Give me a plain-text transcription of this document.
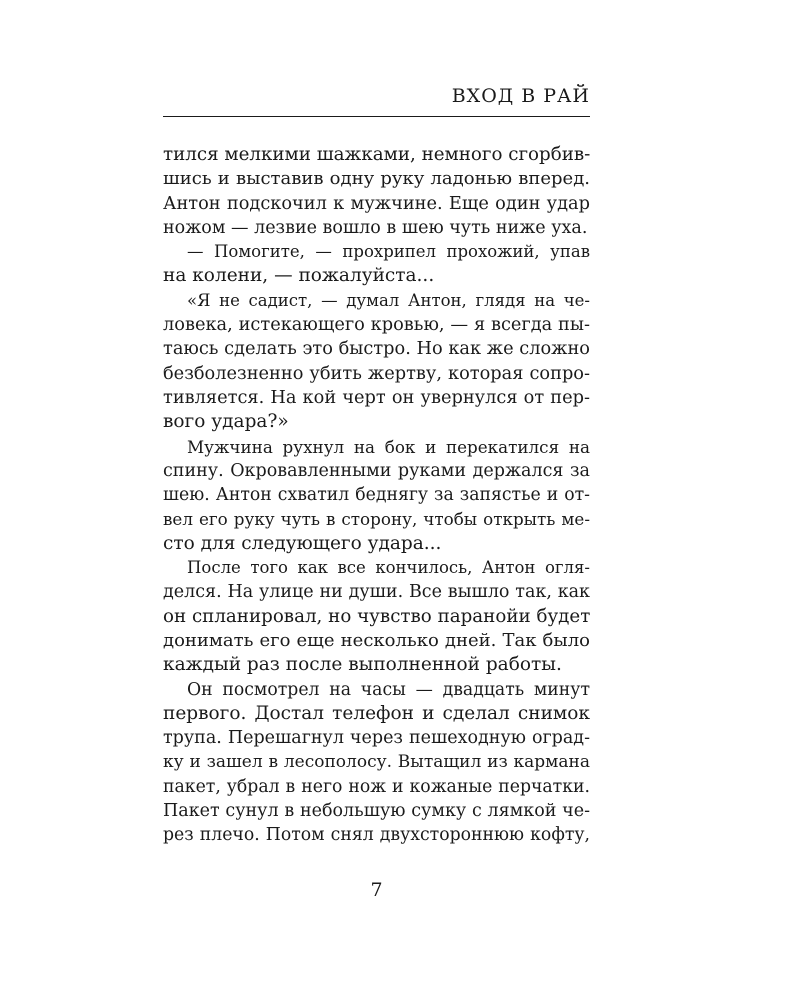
ВХОД В РАЙ
тился мелкими шажками, немного сгорбив-
шись и выставив одну руку ладонью вперед.
Антон подскочил к мужчине. Еще один удар
ножом — лезвие вошло в шею чуть ниже уха.
— Помогите, — прохрипел прохожий, упав
на колени, — пожалуйста...
«Я не садист, — думал Антон, глядя на че-
ловека, истекающего кровью, — я всегда пы-
таюсь сделать это быстро. Но как же сложно
безболезненно убить жертву, которая сопро-
тивляется. На кой черт он увернулся от пер-
вого удара?»
Мужчина рухнул на бок и перекатился на
спину. Окровавленными руками держался за
шею. Антон схватил беднягу за запястье и от-
вел его руку чуть в сторону, чтобы открыть ме-
сто для следующего удара...
После того как все кончилось, Антон огля-
делся. На улице ни души. Все вышло так, как
он спланировал, но чувство паранойи будет
донимать его еще несколько дней. Так было
каждый раз после выполненной работы.
Он посмотрел на часы — двадцать минут
первого. Достал телефон и сделал снимок
трупа. Перешагнул через пешеходную оград-
ку и зашел в лесополосу. Вытащил из кармана
пакет, убрал в него нож и кожаные перчатки.
Пакет сунул в небольшую сумку с лямкой че-
рез плечо. Потом снял двухстороннюю кофту,
7
